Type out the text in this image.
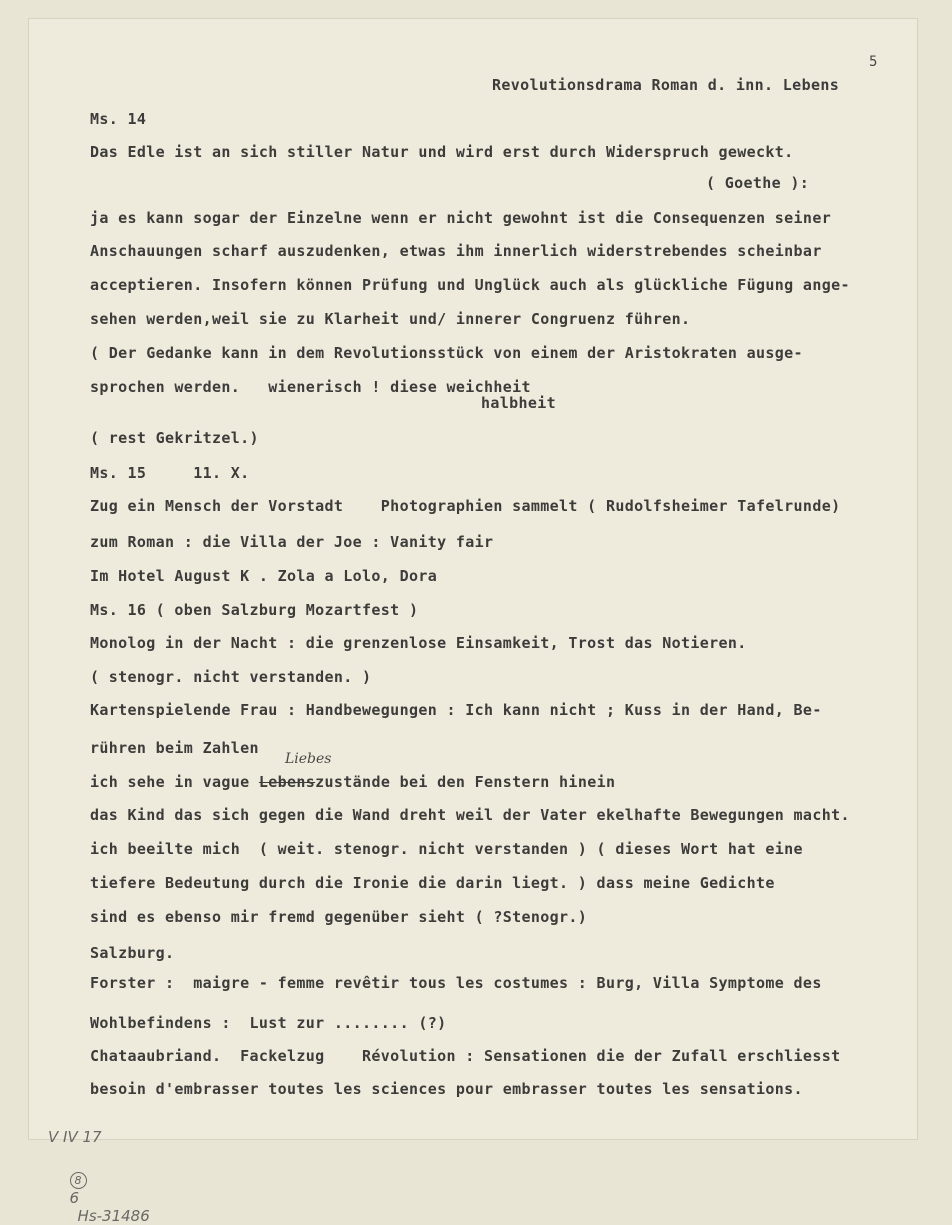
5
Revolutionsdrama Roman d. inn. Lebens
Ms. 14
Das Edle ist an sich stiller Natur und wird erst durch Widerspruch geweckt.
( Goethe ):
ja es kann sogar der Einzelne wenn er nicht gewohnt ist die Consequenzen seiner
Anschauungen scharf auszudenken, etwas ihm innerlich widerstrebendes scheinbar
acceptieren. Insofern können Prüfung und Unglück auch als glückliche Fügung ange-
sehen werden,weil sie zu Klarheit und/ innerer Congruenz führen.
( Der Gedanke kann in dem Revolutionsstück von einem der Aristokraten ausge-
sprochen werden.   wienerisch ! diese weichheit
halbheit
( rest Gekritzel.)
Ms. 15     11. X.
Zug ein Mensch der Vorstadt    Photographien sammelt ( Rudolfsheimer Tafelrunde)
zum Roman : die Villa der Joe : Vanity fair
Im Hotel August K . Zola a Lolo, Dora
Ms. 16 ( oben Salzburg Mozartfest )
Monolog in der Nacht : die grenzenlose Einsamkeit, Trost das Notieren.
( stenogr. nicht verstanden. )
Kartenspielende Frau : Handbewegungen : Ich kann nicht ; Kuss in der Hand, Be-
rühren beim Zahlen
Liebes
ich sehe in vague Lebenszustände bei den Fenstern hinein
das Kind das sich gegen die Wand dreht weil der Vater ekelhafte Bewegungen macht.
ich beeilte mich  ( weit. stenogr. nicht verstanden ) ( dieses Wort hat eine
tiefere Bedeutung durch die Ironie die darin liegt. ) dass meine Gedichte
sind es ebenso mir fremd gegenüber sieht ( ?Stenogr.)
Salzburg.
Forster :  maigre - femme revêtir tous les costumes : Burg, Villa Symptome des
Wohlbefindens :  Lust zur ........ (?)
Chataaubriand.  Fackelzug    Révolution : Sensationen die der Zufall erschliesst
besoin d'embrasser toutes les sciences pour embrasser toutes les sensations.
V IV 17

8
6
Hs-31486
